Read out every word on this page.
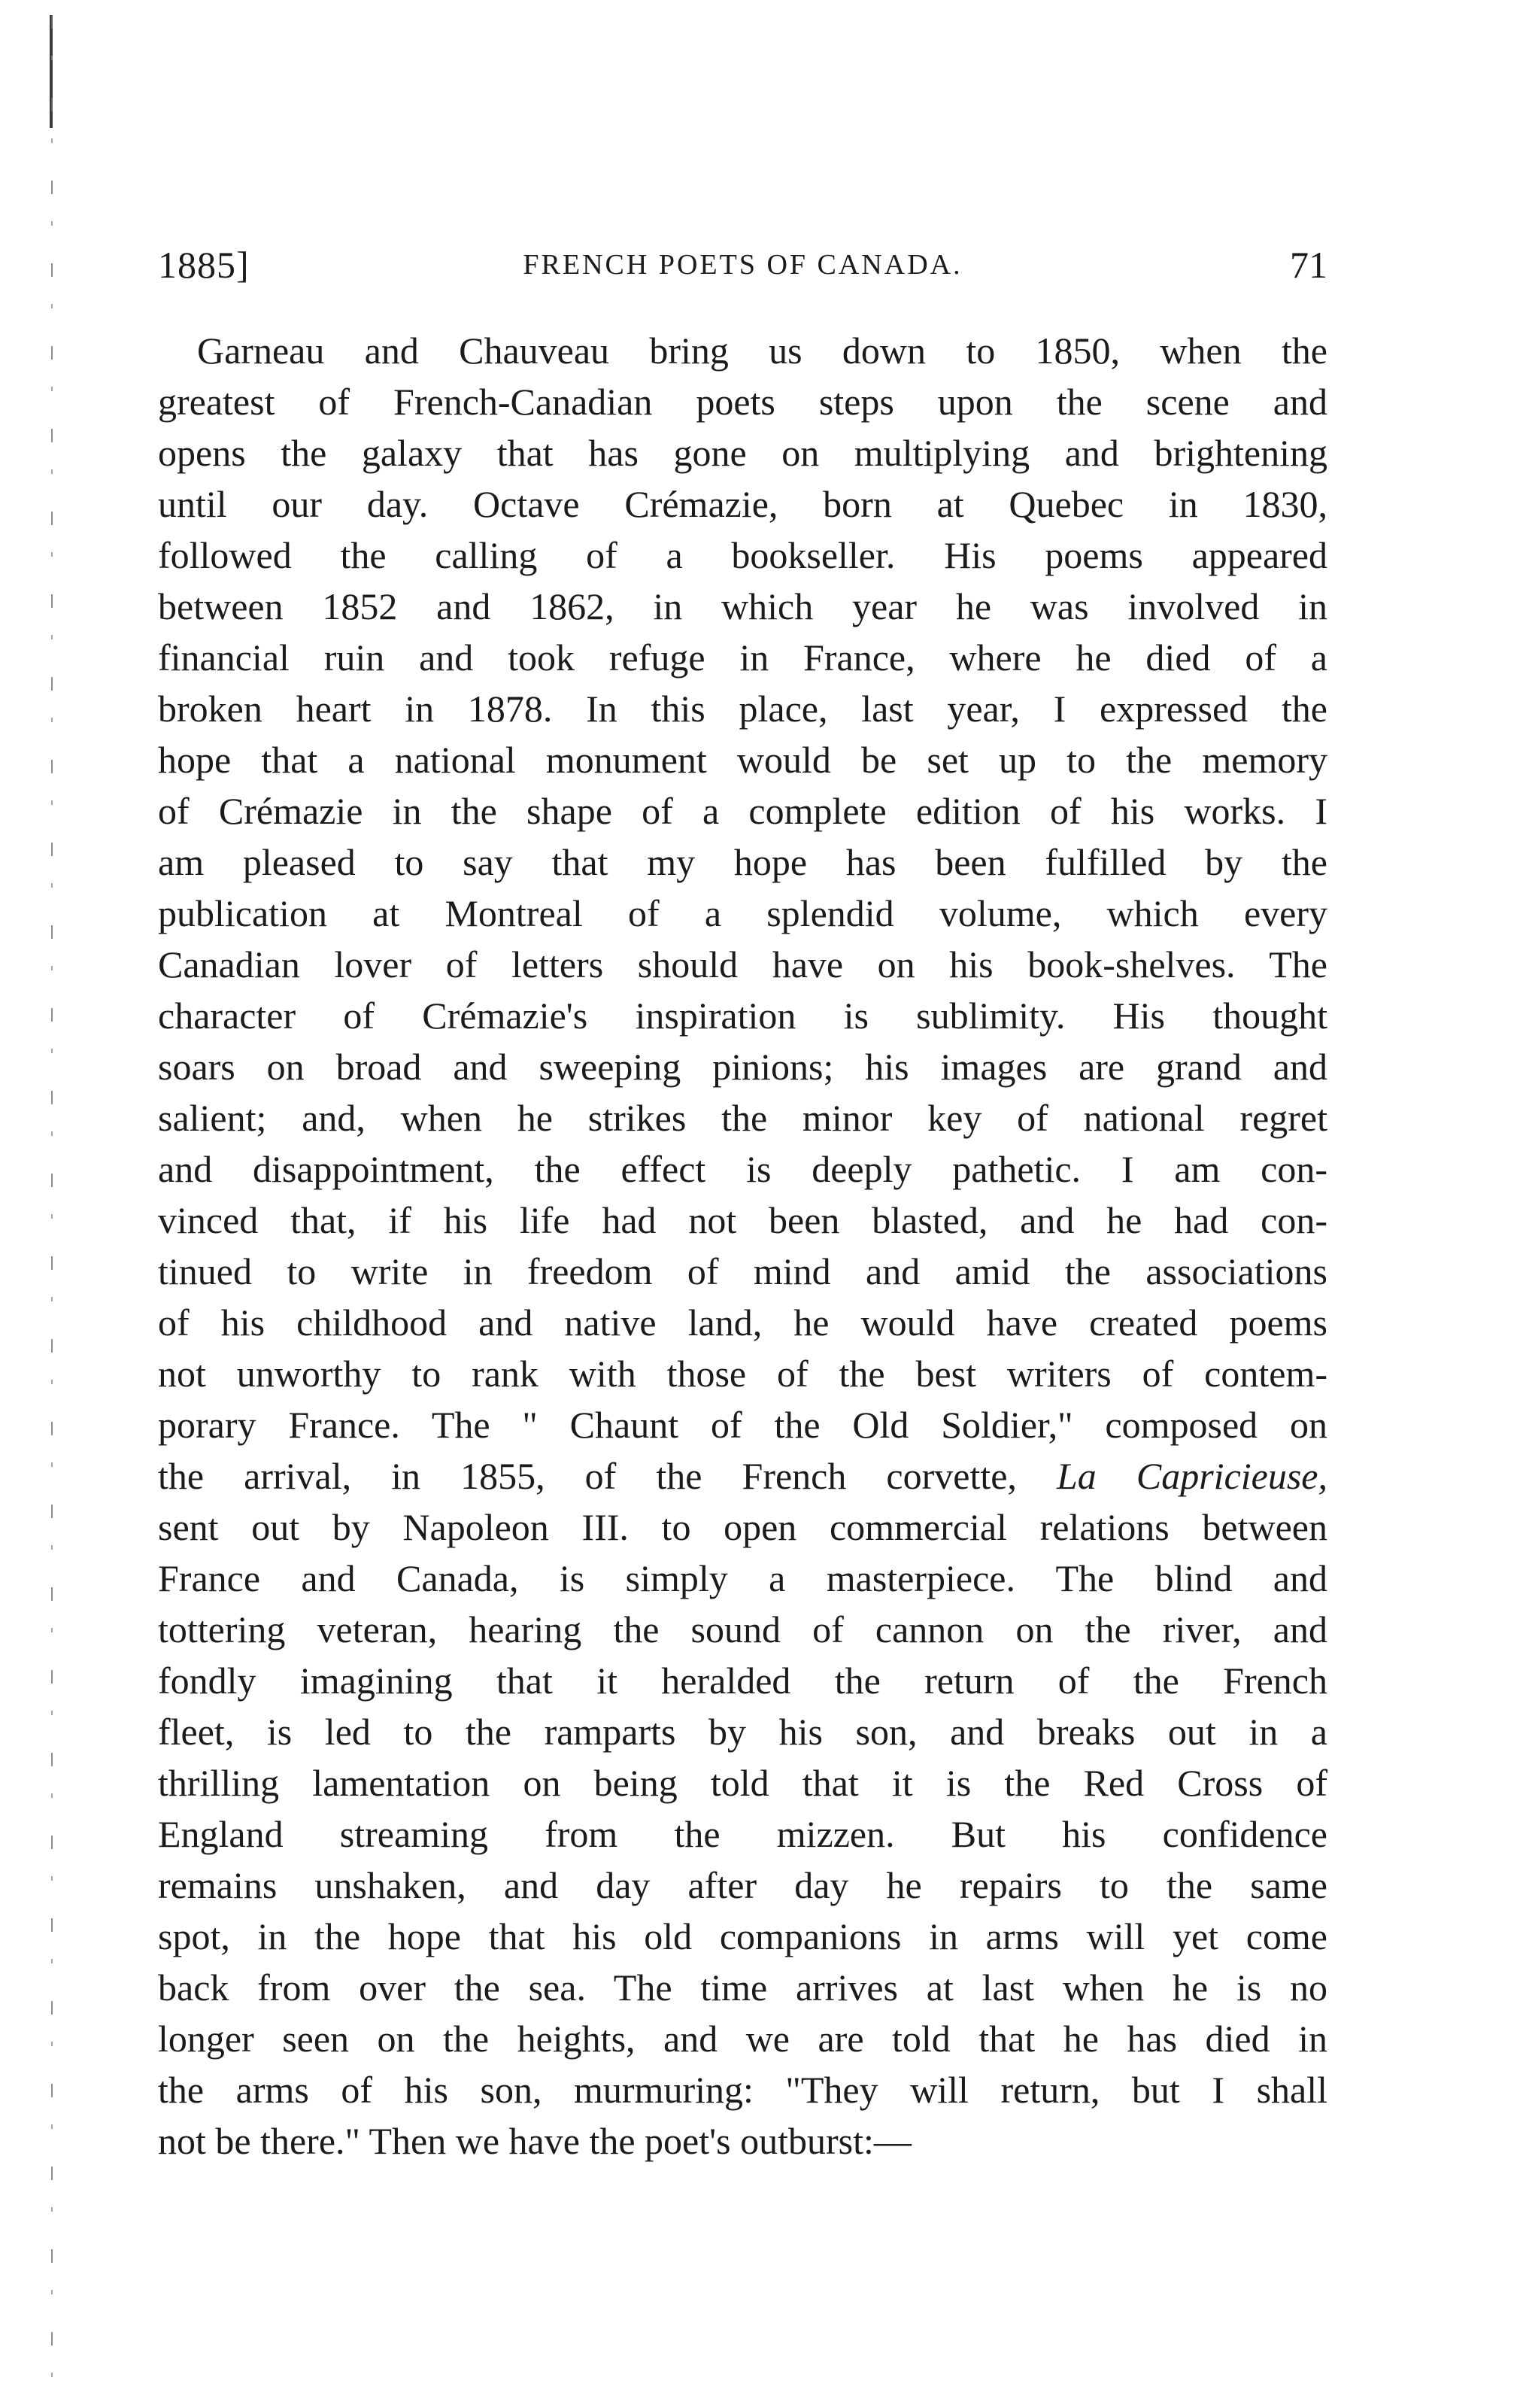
1885]	FRENCH POETS OF CANADA.	71
Garneau and Chauveau bring us down to 1850, when the
greatest of French-Canadian poets steps upon the scene and
opens the galaxy that has gone on multiplying and brightening
until our day. Octave Crémazie, born at Quebec in 1830,
followed the calling of a bookseller. His poems appeared
between 1852 and 1862, in which year he was involved in
financial ruin and took refuge in France, where he died of a
broken heart in 1878. In this place, last year, I expressed the
hope that a national monument would be set up to the memory
of Crémazie in the shape of a complete edition of his works. I
am pleased to say that my hope has been fulfilled by the
publication at Montreal of a splendid volume, which every
Canadian lover of letters should have on his book-shelves. The
character of Crémazie's inspiration is sublimity. His thought
soars on broad and sweeping pinions; his images are grand and
salient; and, when he strikes the minor key of national regret
and disappointment, the effect is deeply pathetic. I am con-
vinced that, if his life had not been blasted, and he had con-
tinued to write in freedom of mind and amid the associations
of his childhood and native land, he would have created poems
not unworthy to rank with those of the best writers of contem-
porary France. The " Chaunt of the Old Soldier," composed on
the arrival, in 1855, of the French corvette, La Capricieuse,
sent out by Napoleon III. to open commercial relations between
France and Canada, is simply a masterpiece. The blind and
tottering veteran, hearing the sound of cannon on the river, and
fondly imagining that it heralded the return of the French
fleet, is led to the ramparts by his son, and breaks out in a
thrilling lamentation on being told that it is the Red Cross of
England streaming from the mizzen. But his confidence
remains unshaken, and day after day he repairs to the same
spot, in the hope that his old companions in arms will yet come
back from over the sea. The time arrives at last when he is no
longer seen on the heights, and we are told that he has died in
the arms of his son, murmuring: "They will return, but I shall
not be there." Then we have the poet's outburst:—
